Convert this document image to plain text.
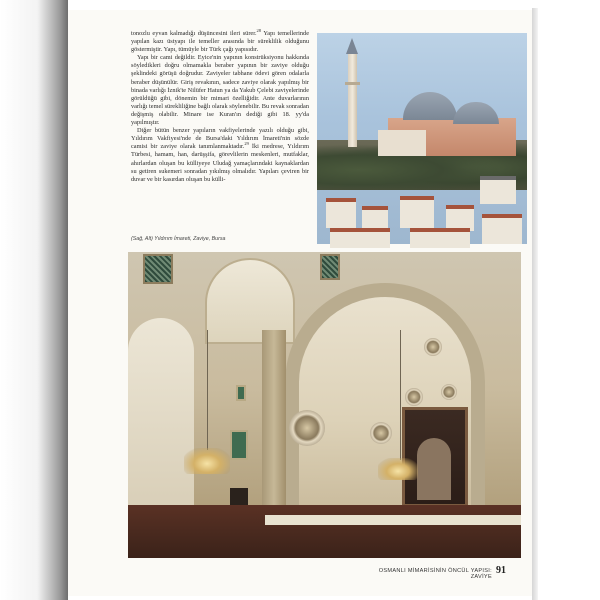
tonozlu eyvan kalmadığı düşüncesini ileri sürer.$^{28}$ Yapı temellerinde yapılan kazı üstyapı ile temeller arasında bir süreklilik olduğunu göstermiştir. Yapı, tümüyle bir Türk çağı yapısıdır.

Yapı bir cami değildir. Eyice'nin yapının konstrüksiyonu hakkında söyledikleri doğru olmamakla beraber yapının bir zaviye olduğu şeklindeki görüşü doğrudur. Zaviyeler tabhane ödevi gören odalarla beraber düşünülür. Giriş revakının, sadece zaviye olarak yapılmış bir binada varlığı İznik'te Nilüfer Hatun ya da Yakub Çelebi zaviyelerinde görüldüğü gibi, dönemin bir mimari özelliğidir. Ante duvarlarının varlığı temel sürekliliğine bağlı olarak söylenebilir. Bu revak sonradan değişmiş olabilir. Minare ise Kuran'ın dediği gibi 18. yy'da yapılmıştır.

Diğer bütün benzer yapıların vakfiyelerinde yazılı olduğu gibi, Yıldırım Vakfiyesi'nde de Bursa'daki Yıldırım İmareti'nin sözde camisi bir zaviye olarak tanımlanmaktadır.$^{29}$ İki medrese, Yıldırım Türbesi, hamam, han, darüşşifa, görevlilerin meskenleri, mutfaklar, ahırlardan oluşan bu külliyeye Uludağ yamaçlarındaki kaynaklardan su getiren sukemeri sonradan yıkılmış olmalıdır. Yapıları çeviren bir duvar ve bir kasırdan oluşan bu külli-

(Sağ, Alt) Yıldırım İmareti, Zaviye, Bursa
OSMANLI MİMARİSİNİN ÖNCÜL YAPISI: ZAVİYE
91
